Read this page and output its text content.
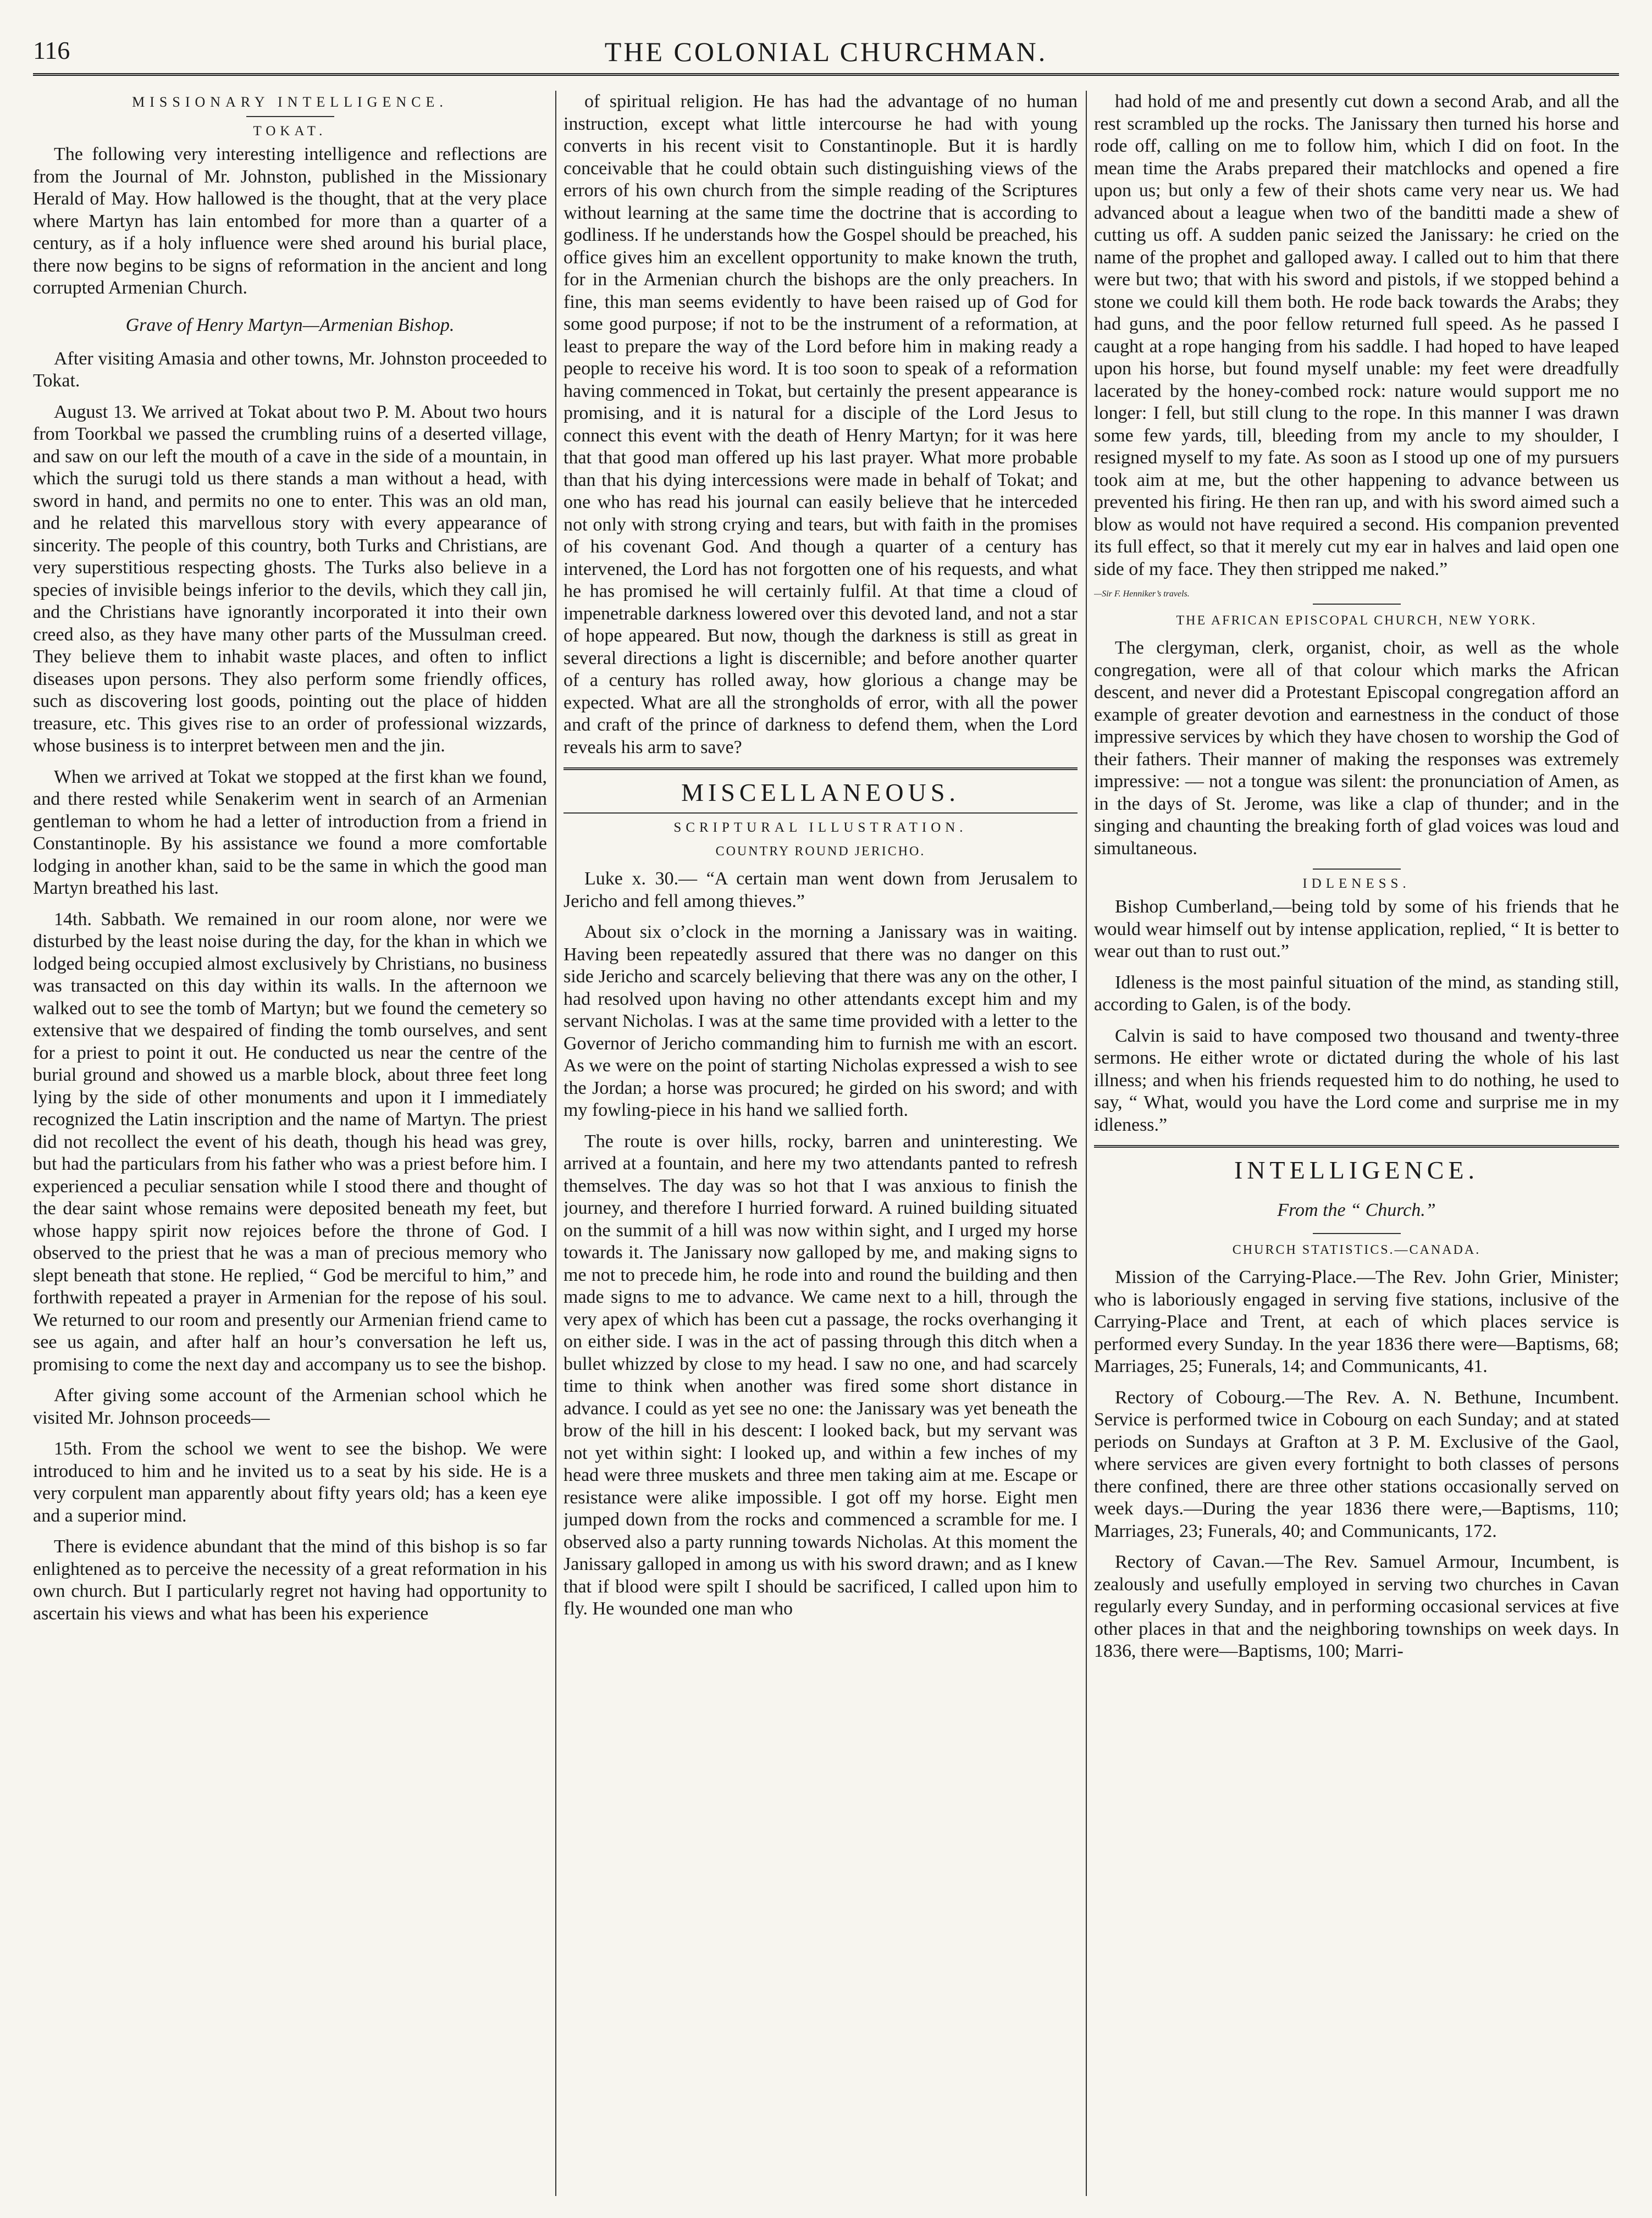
116	THE COLONIAL CHURCHMAN.
MISSIONARY INTELLIGENCE.
TOKAT.

The following very interesting intelligence and reflections are from the Journal of Mr. Johnston, published in the Missionary Herald of May. How hallowed is the thought, that at the very place where Martyn has lain entombed for more than a quarter of a century, as if a holy influence were shed around his burial place, there now begins to be signs of reformation in the ancient and long corrupted Armenian Church.

Grave of Henry Martyn—Armenian Bishop.

After visiting Amasia and other towns, Mr. Johnston proceeded to Tokat.

August 13. We arrived at Tokat about two P. M. About two hours from Toorkbal we passed the crumbling ruins of a deserted village, and saw on our left the mouth of a cave in the side of a mountain, in which the surugi told us there stands a man without a head, with sword in hand, and permits no one to enter. This was an old man, and he related this marvellous story with every appearance of sincerity. The people of this country, both Turks and Christians, are very superstitious respecting ghosts. The Turks also believe in a species of invisible beings inferior to the devils, which they call jin, and the Christians have ignorantly incorporated it into their own creed also, as they have many other parts of the Mussulman creed. They believe them to inhabit waste places, and often to inflict diseases upon persons. They also perform some friendly offices, such as discovering lost goods, pointing out the place of hidden treasure, etc. This gives rise to an order of professional wizzards, whose business is to interpret between men and the jin.

When we arrived at Tokat we stopped at the first khan we found, and there rested while Senakerim went in search of an Armenian gentleman to whom he had a letter of introduction from a friend in Constantinople. By his assistance we found a more comfortable lodging in another khan, said to be the same in which the good man Martyn breathed his last.

14th. Sabbath. We remained in our room alone, nor were we disturbed by the least noise during the day, for the khan in which we lodged being occupied almost exclusively by Christians, no business was transacted on this day within its walls. In the afternoon we walked out to see the tomb of Martyn; but we found the cemetery so extensive that we despaired of finding the tomb ourselves, and sent for a priest to point it out. He conducted us near the centre of the burial ground and showed us a marble block, about three feet long lying by the side of other monuments and upon it I immediately recognized the Latin inscription and the name of Martyn. The priest did not recollect the event of his death, though his head was grey, but had the particulars from his father who was a priest before him. I experienced a peculiar sensation while I stood there and thought of the dear saint whose remains were deposited beneath my feet, but whose happy spirit now rejoices before the throne of God. I observed to the priest that he was a man of precious memory who slept beneath that stone. He replied, “ God be merciful to him,” and forthwith repeated a prayer in Armenian for the repose of his soul. We returned to our room and presently our Armenian friend came to see us again, and after half an hour’s conversation he left us, promising to come the next day and accompany us to see the bishop.

After giving some account of the Armenian school which he visited Mr. Johnson proceeds—

15th. From the school we went to see the bishop. We were introduced to him and he invited us to a seat by his side. He is a very corpulent man apparently about fifty years old; has a keen eye and a superior mind.

There is evidence abundant that the mind of this bishop is so far enlightened as to perceive the necessity of a great reformation in his own church. But I particularly regret not having had opportunity to ascertain his views and what has been his experience

of spiritual religion. He has had the advantage of no human instruction, except what little intercourse he had with young converts in his recent visit to Constantinople. But it is hardly conceivable that he could obtain such distinguishing views of the errors of his own church from the simple reading of the Scriptures without learning at the same time the doctrine that is according to godliness. If he understands how the Gospel should be preached, his office gives him an excellent opportunity to make known the truth, for in the Armenian church the bishops are the only preachers. In fine, this man seems evidently to have been raised up of God for some good purpose; if not to be the instrument of a reformation, at least to prepare the way of the Lord before him in making ready a people to receive his word. It is too soon to speak of a reformation having commenced in Tokat, but certainly the present appearance is promising, and it is natural for a disciple of the Lord Jesus to connect this event with the death of Henry Martyn; for it was here that that good man offered up his last prayer. What more probable than that his dying intercessions were made in behalf of Tokat; and one who has read his journal can easily believe that he interceded not only with strong crying and tears, but with faith in the promises of his covenant God. And though a quarter of a century has intervened, the Lord has not forgotten one of his requests, and what he has promised he will certainly fulfil. At that time a cloud of impenetrable darkness lowered over this devoted land, and not a star of hope appeared. But now, though the darkness is still as great in several directions a light is discernible; and before another quarter of a century has rolled away, how glorious a change may be expected. What are all the strongholds of error, with all the power and craft of the prince of darkness to defend them, when the Lord reveals his arm to save?

MISCELLANEOUS.
SCRIPTURAL ILLUSTRATION.
COUNTRY ROUND JERICHO.

Luke x. 30.— “A certain man went down from Jerusalem to Jericho and fell among thieves.”

About six o’clock in the morning a Janissary was in waiting. Having been repeatedly assured that there was no danger on this side Jericho and scarcely believing that there was any on the other, I had resolved upon having no other attendants except him and my servant Nicholas. I was at the same time provided with a letter to the Governor of Jericho commanding him to furnish me with an escort. As we were on the point of starting Nicholas expressed a wish to see the Jordan; a horse was procured; he girded on his sword; and with my fowling-piece in his hand we sallied forth.

The route is over hills, rocky, barren and uninteresting. We arrived at a fountain, and here my two attendants panted to refresh themselves. The day was so hot that I was anxious to finish the journey, and therefore I hurried forward. A ruined building situated on the summit of a hill was now within sight, and I urged my horse towards it. The Janissary now galloped by me, and making signs to me not to precede him, he rode into and round the building and then made signs to me to advance. We came next to a hill, through the very apex of which has been cut a passage, the rocks overhanging it on either side. I was in the act of passing through this ditch when a bullet whizzed by close to my head. I saw no one, and had scarcely time to think when another was fired some short distance in advance. I could as yet see no one: the Janissary was yet beneath the brow of the hill in his descent: I looked back, but my servant was not yet within sight: I looked up, and within a few inches of my head were three muskets and three men taking aim at me. Escape or resistance were alike impossible. I got off my horse. Eight men jumped down from the rocks and commenced a scramble for me. I observed also a party running towards Nicholas. At this moment the Janissary galloped in among us with his sword drawn; and as I knew that if blood were spilt I should be sacrificed, I called upon him to fly. He wounded one man who

had hold of me and presently cut down a second Arab, and all the rest scrambled up the rocks. The Janissary then turned his horse and rode off, calling on me to follow him, which I did on foot. In the mean time the Arabs prepared their matchlocks and opened a fire upon us; but only a few of their shots came very near us. We had advanced about a league when two of the banditti made a shew of cutting us off. A sudden panic seized the Janissary: he cried on the name of the prophet and galloped away. I called out to him that there were but two; that with his sword and pistols, if we stopped behind a stone we could kill them both. He rode back towards the Arabs; they had guns, and the poor fellow returned full speed. As he passed I caught at a rope hanging from his saddle. I had hoped to have leaped upon his horse, but found myself unable: my feet were dreadfully lacerated by the honey-combed rock: nature would support me no longer: I fell, but still clung to the rope. In this manner I was drawn some few yards, till, bleeding from my ancle to my shoulder, I resigned myself to my fate. As soon as I stood up one of my pursuers took aim at me, but the other happening to advance between us prevented his firing. He then ran up, and with his sword aimed such a blow as would not have required a second. His companion prevented its full effect, so that it merely cut my ear in halves and laid open one side of my face. They then stripped me naked.”

—Sir F. Henniker’s travels.
THE AFRICAN EPISCOPAL CHURCH, NEW YORK.

The clergyman, clerk, organist, choir, as well as the whole congregation, were all of that colour which marks the African descent, and never did a Protestant Episcopal congregation afford an example of greater devotion and earnestness in the conduct of those impressive services by which they have chosen to worship the God of their fathers. Their manner of making the responses was extremely impressive: — not a tongue was silent: the pronunciation of Amen, as in the days of St. Jerome, was like a clap of thunder; and in the singing and chaunting the breaking forth of glad voices was loud and simultaneous.

IDLENESS.

Bishop Cumberland,—being told by some of his friends that he would wear himself out by intense application, replied, “ It is better to wear out than to rust out.”

Idleness is the most painful situation of the mind, as standing still, according to Galen, is of the body.

Calvin is said to have composed two thousand and twenty-three sermons. He either wrote or dictated during the whole of his last illness; and when his friends requested him to do nothing, he used to say, “ What, would you have the Lord come and surprise me in my idleness.”

INTELLIGENCE.
From the “ Church.”
CHURCH STATISTICS.—CANADA.

Mission of the Carrying-Place.—The Rev. John Grier, Minister; who is laboriously engaged in serving five stations, inclusive of the Carrying-Place and Trent, at each of which places service is performed every Sunday. In the year 1836 there were—Baptisms, 68; Marriages, 25; Funerals, 14; and Communicants, 41.

Rectory of Cobourg.—The Rev. A. N. Bethune, Incumbent. Service is performed twice in Cobourg on each Sunday; and at stated periods on Sundays at Grafton at 3 P. M. Exclusive of the Gaol, where services are given every fortnight to both classes of persons there confined, there are three other stations occasionally served on week days.—During the year 1836 there were,—Baptisms, 110; Marriages, 23; Funerals, 40; and Communicants, 172.

Rectory of Cavan.—The Rev. Samuel Armour, Incumbent, is zealously and usefully employed in serving two churches in Cavan regularly every Sunday, and in performing occasional services at five other places in that and the neighboring townships on week days. In 1836, there were—Baptisms, 100; Marri-
